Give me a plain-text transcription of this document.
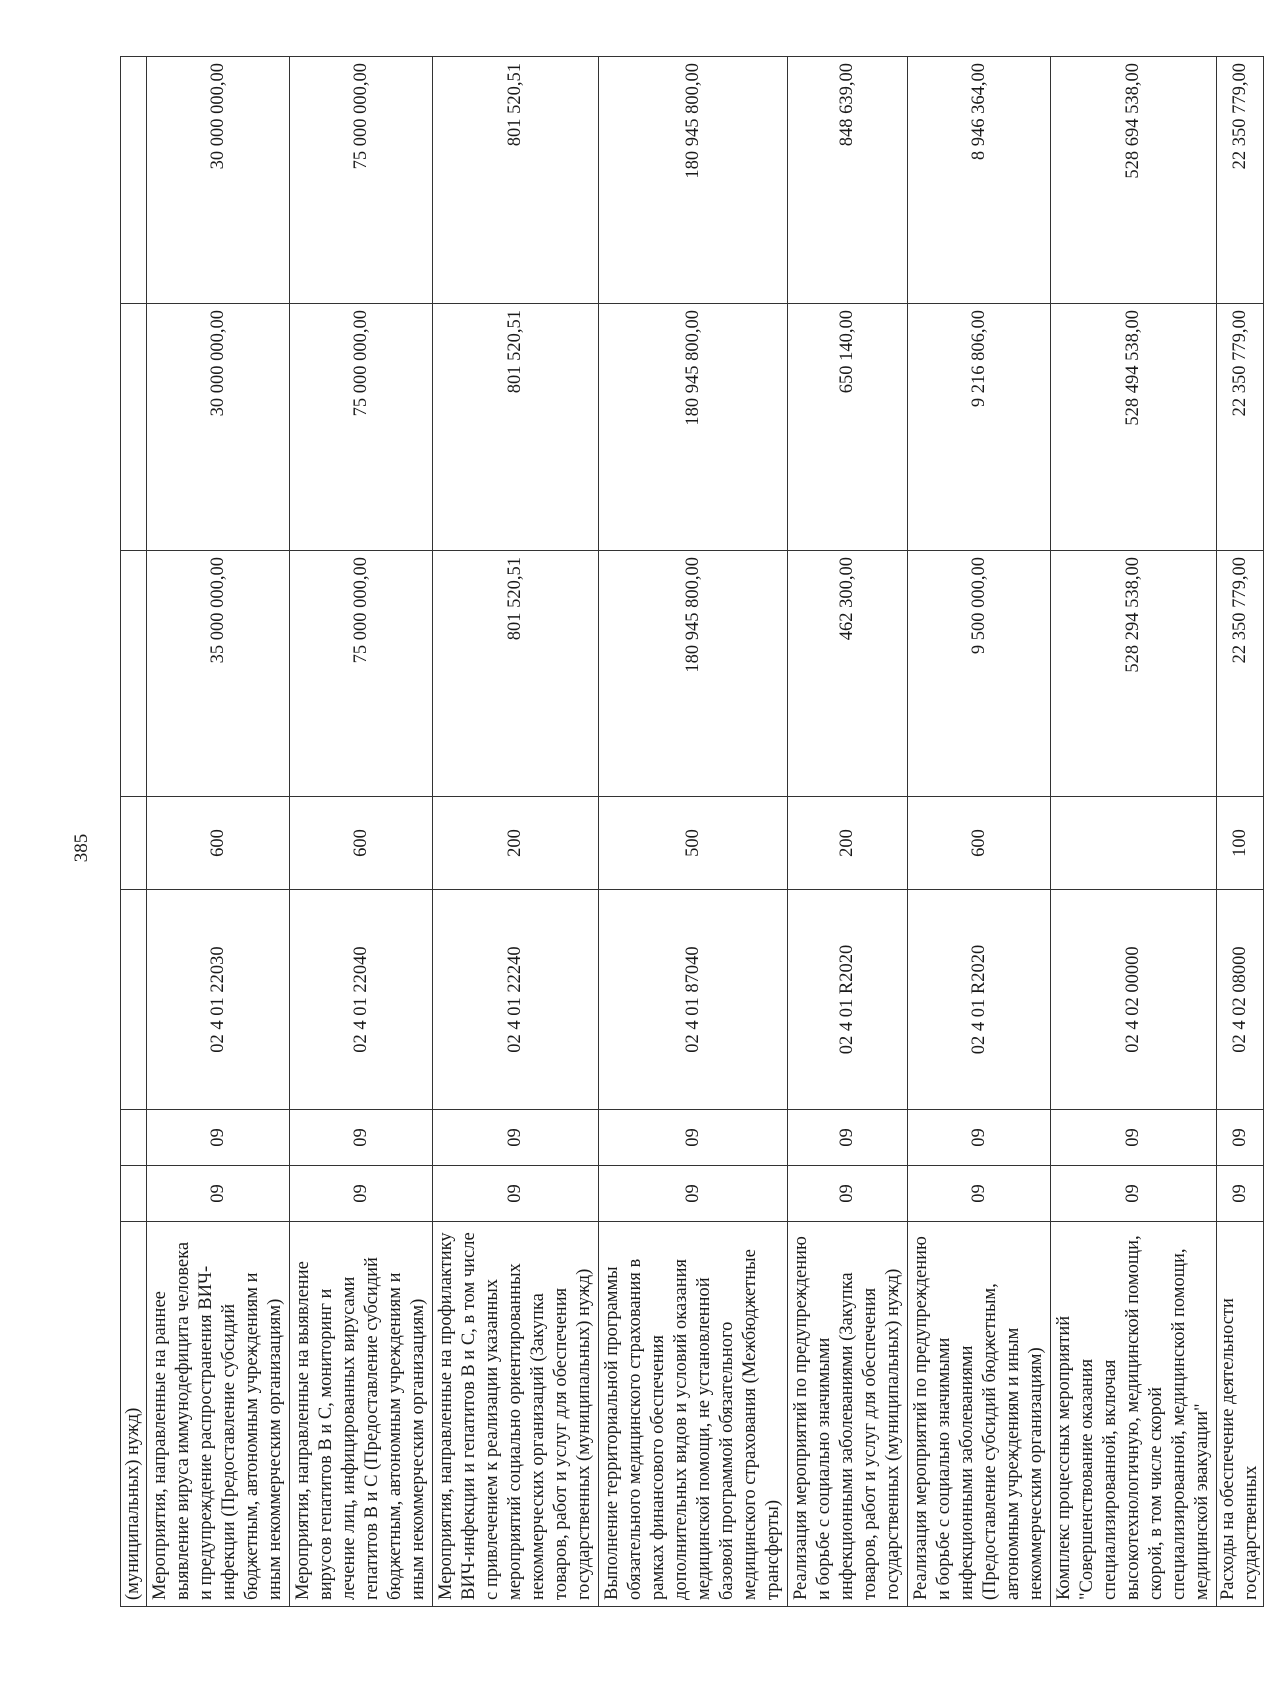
385
(муниципальных) нужд)							
Мероприятия, направленные на раннее выявление вируса иммунодефицита человека и предупреждение распространения ВИЧ-инфекции (Предоставление субсидий бюджетным, автономным учреждениям и иным некоммерческим организациям)	09	09	02 4 01 22030	600	35 000 000,00	30 000 000,00	30 000 000,00
Мероприятия, направленные на выявление вирусов гепатитов В и С, мониторинг и лечение лиц, инфицированных вирусами гепатитов В и С (Предоставление субсидий бюджетным, автономным учреждениям и иным некоммерческим организациям)	09	09	02 4 01 22040	600	75 000 000,00	75 000 000,00	75 000 000,00
Мероприятия, направленные на профилактику ВИЧ-инфекции и гепатитов В и С, в том числе с привлечением к реализации указанных мероприятий социально ориентированных некоммерческих организаций (Закупка товаров, работ и услуг для обеспечения государственных (муниципальных) нужд)	09	09	02 4 01 22240	200	801 520,51	801 520,51	801 520,51
Выполнение территориальной программы обязательного медицинского страхования в рамках финансового обеспечения дополнительных видов и условий оказания медицинской помощи, не установленной базовой программой обязательного медицинского страхования (Межбюджетные трансферты)	09	09	02 4 01 87040	500	180 945 800,00	180 945 800,00	180 945 800,00
Реализация мероприятий по предупреждению и борьбе с социально значимыми инфекционными заболеваниями (Закупка товаров, работ и услуг для обеспечения государственных (муниципальных) нужд)	09	09	02 4 01 R2020	200	462 300,00	650 140,00	848 639,00
Реализация мероприятий по предупреждению и борьбе с социально значимыми инфекционными заболеваниями (Предоставление субсидий бюджетным, автономным учреждениям и иным некоммерческим организациям)	09	09	02 4 01 R2020	600	9 500 000,00	9 216 806,00	8 946 364,00
Комплекс процессных мероприятий "Совершенствование оказания специализированной, включая высокотехнологичную, медицинской помощи, скорой, в том числе скорой специализированной, медицинской помощи, медицинской эвакуации"	09	09	02 4 02 00000		528 294 538,00	528 494 538,00	528 694 538,00
Расходы на обеспечение деятельности государственных	09	09	02 4 02 08000	100	22 350 779,00	22 350 779,00	22 350 779,00
